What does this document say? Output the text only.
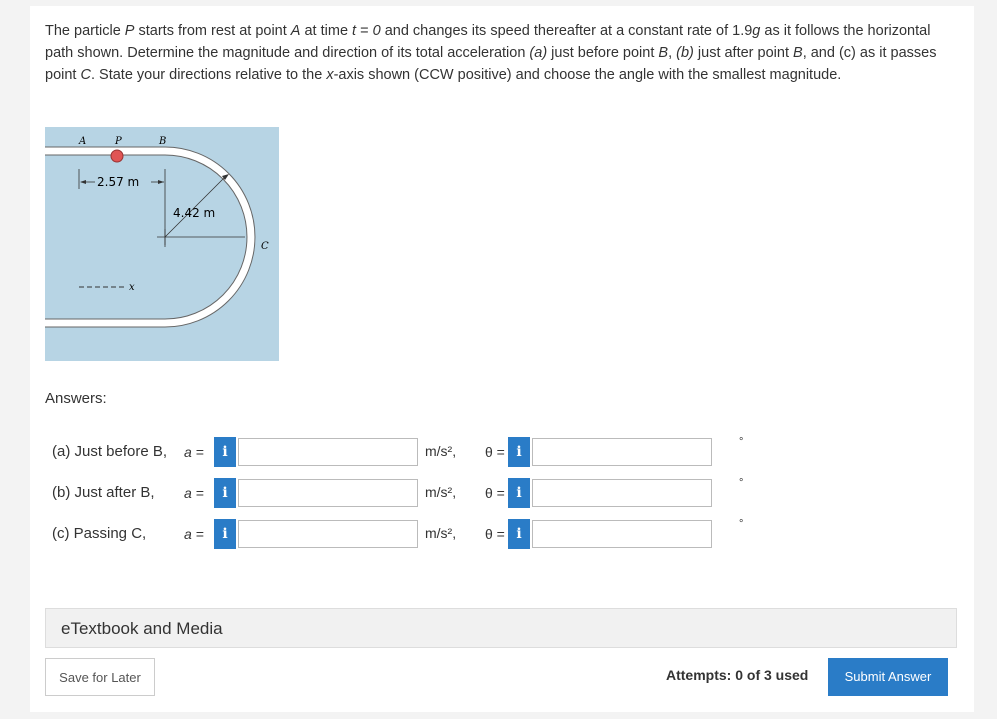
The particle P starts from rest at point A at time t = 0 and changes its speed thereafter at a constant rate of 1.9g as it follows the horizontal path shown. Determine the magnitude and direction of its total acceleration (a) just before point B, (b) just after point B, and (c) as it passes point C. State your directions relative to the x-axis shown (CCW positive) and choose the angle with the smallest magnitude.
A	P	B
C
2.57 m
4.42 m
x
Answers:
(a) Just before B, a =	i	m/s², θ = i
°
(b) Just after B, a =	i	m/s², θ = i
°
(c) Passing C,	a =	i	m/s², θ = i
°
eTextbook and Media
Save for Later	Attempts: 0 of 3 used	Submit Answer
